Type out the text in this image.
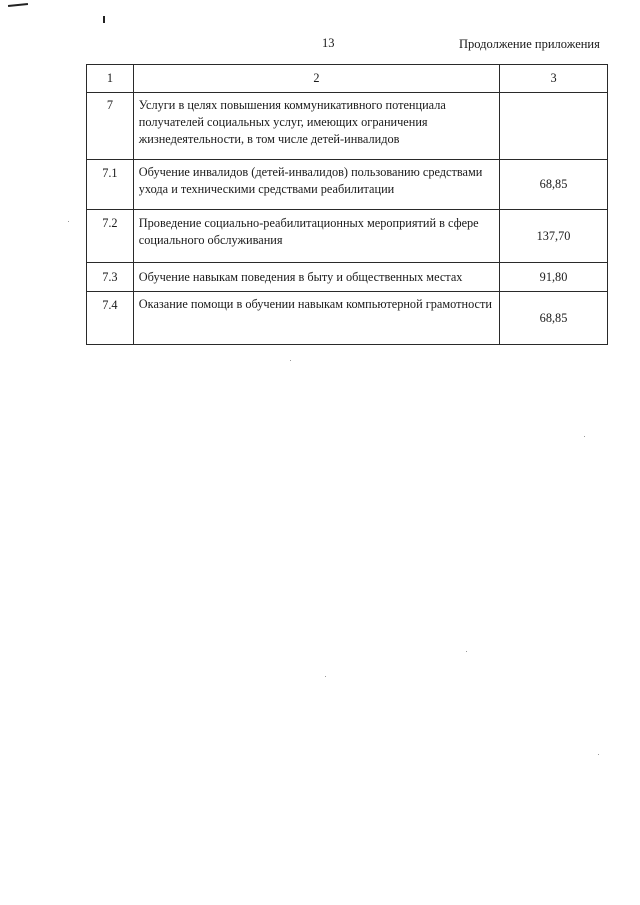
13	Продолжение приложения
1	2	3
7	Услуги в целях повышения коммуникативного потенциала получателей социальных услуг, имеющих ограничения жизнедеятельности, в том числе детей-инвалидов	
7.1	Обучение инвалидов (детей-инвалидов) пользованию средствами ухода и техническими средствами реабилитации	68,85
7.2	Проведение социально-реабилитационных мероприятий в сфере социального обслуживания	137,70
7.3	Обучение навыкам поведения в быту и общественных местах	91,80
7.4	Оказание помощи в обучении навыкам компьютерной грамотности	68,85
